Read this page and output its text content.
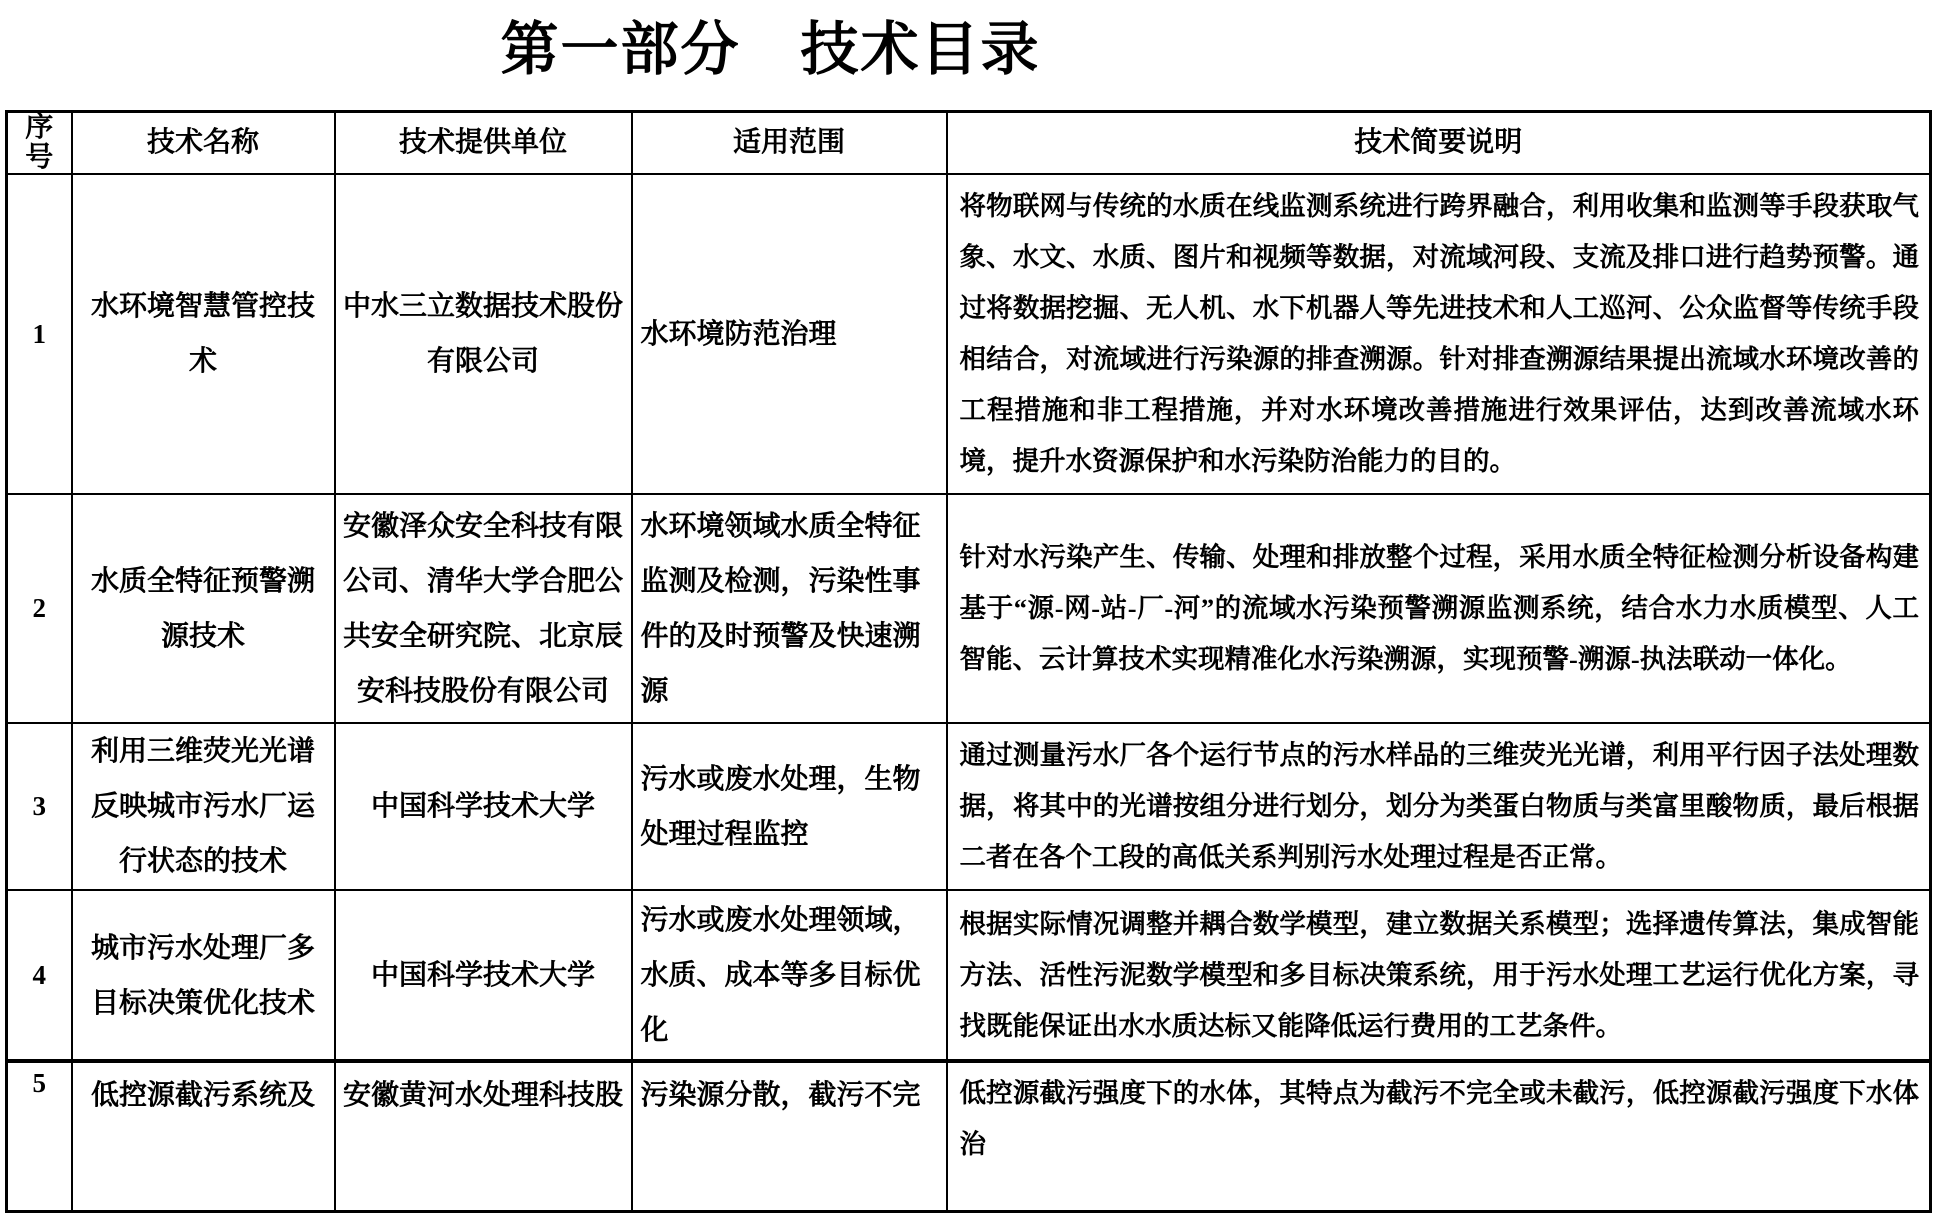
第一部分　技术目录
序号	技术名称	技术提供单位	适用范围	技术简要说明
1	水环境智慧管控技术	中水三立数据技术股份有限公司	水环境防范治理	将物联网与传统的水质在线监测系统进行跨界融合，利用收集和监测等手段获取气象、水文、水质、图片和视频等数据，对流域河段、支流及排口进行趋势预警。通过将数据挖掘、无人机、水下机器人等先进技术和人工巡河、公众监督等传统手段相结合，对流域进行污染源的排查溯源。针对排查溯源结果提出流域水环境改善的工程措施和非工程措施，并对水环境改善措施进行效果评估，达到改善流域水环境，提升水资源保护和水污染防治能力的目的。
2	水质全特征预警溯源技术	安徽泽众安全科技有限公司、清华大学合肥公共安全研究院、北京辰安科技股份有限公司	水环境领域水质全特征监测及检测，污染性事件的及时预警及快速溯源	针对水污染产生、传输、处理和排放整个过程，采用水质全特征检测分析设备构建基于“源-网-站-厂-河”的流域水污染预警溯源监测系统，结合水力水质模型、人工智能、云计算技术实现精准化水污染溯源，实现预警-溯源-执法联动一体化。
3	利用三维荧光光谱反映城市污水厂运行状态的技术	中国科学技术大学	污水或废水处理，生物处理过程监控	通过测量污水厂各个运行节点的污水样品的三维荧光光谱，利用平行因子法处理数据，将其中的光谱按组分进行划分，划分为类蛋白物质与类富里酸物质，最后根据二者在各个工段的高低关系判别污水处理过程是否正常。
4	城市污水处理厂多目标决策优化技术	中国科学技术大学	污水或废水处理领域，水质、成本等多目标优化	根据实际情况调整并耦合数学模型，建立数据关系模型；选择遗传算法，集成智能方法、活性污泥数学模型和多目标决策系统，用于污水处理工艺运行优化方案，寻找既能保证出水水质达标又能降低运行费用的工艺条件。
5	低控源截污系统及	安徽黄河水处理科技股	污染源分散，截污不完	低控源截污强度下的水体，其特点为截污不完全或未截污，低控源截污强度下水体治
